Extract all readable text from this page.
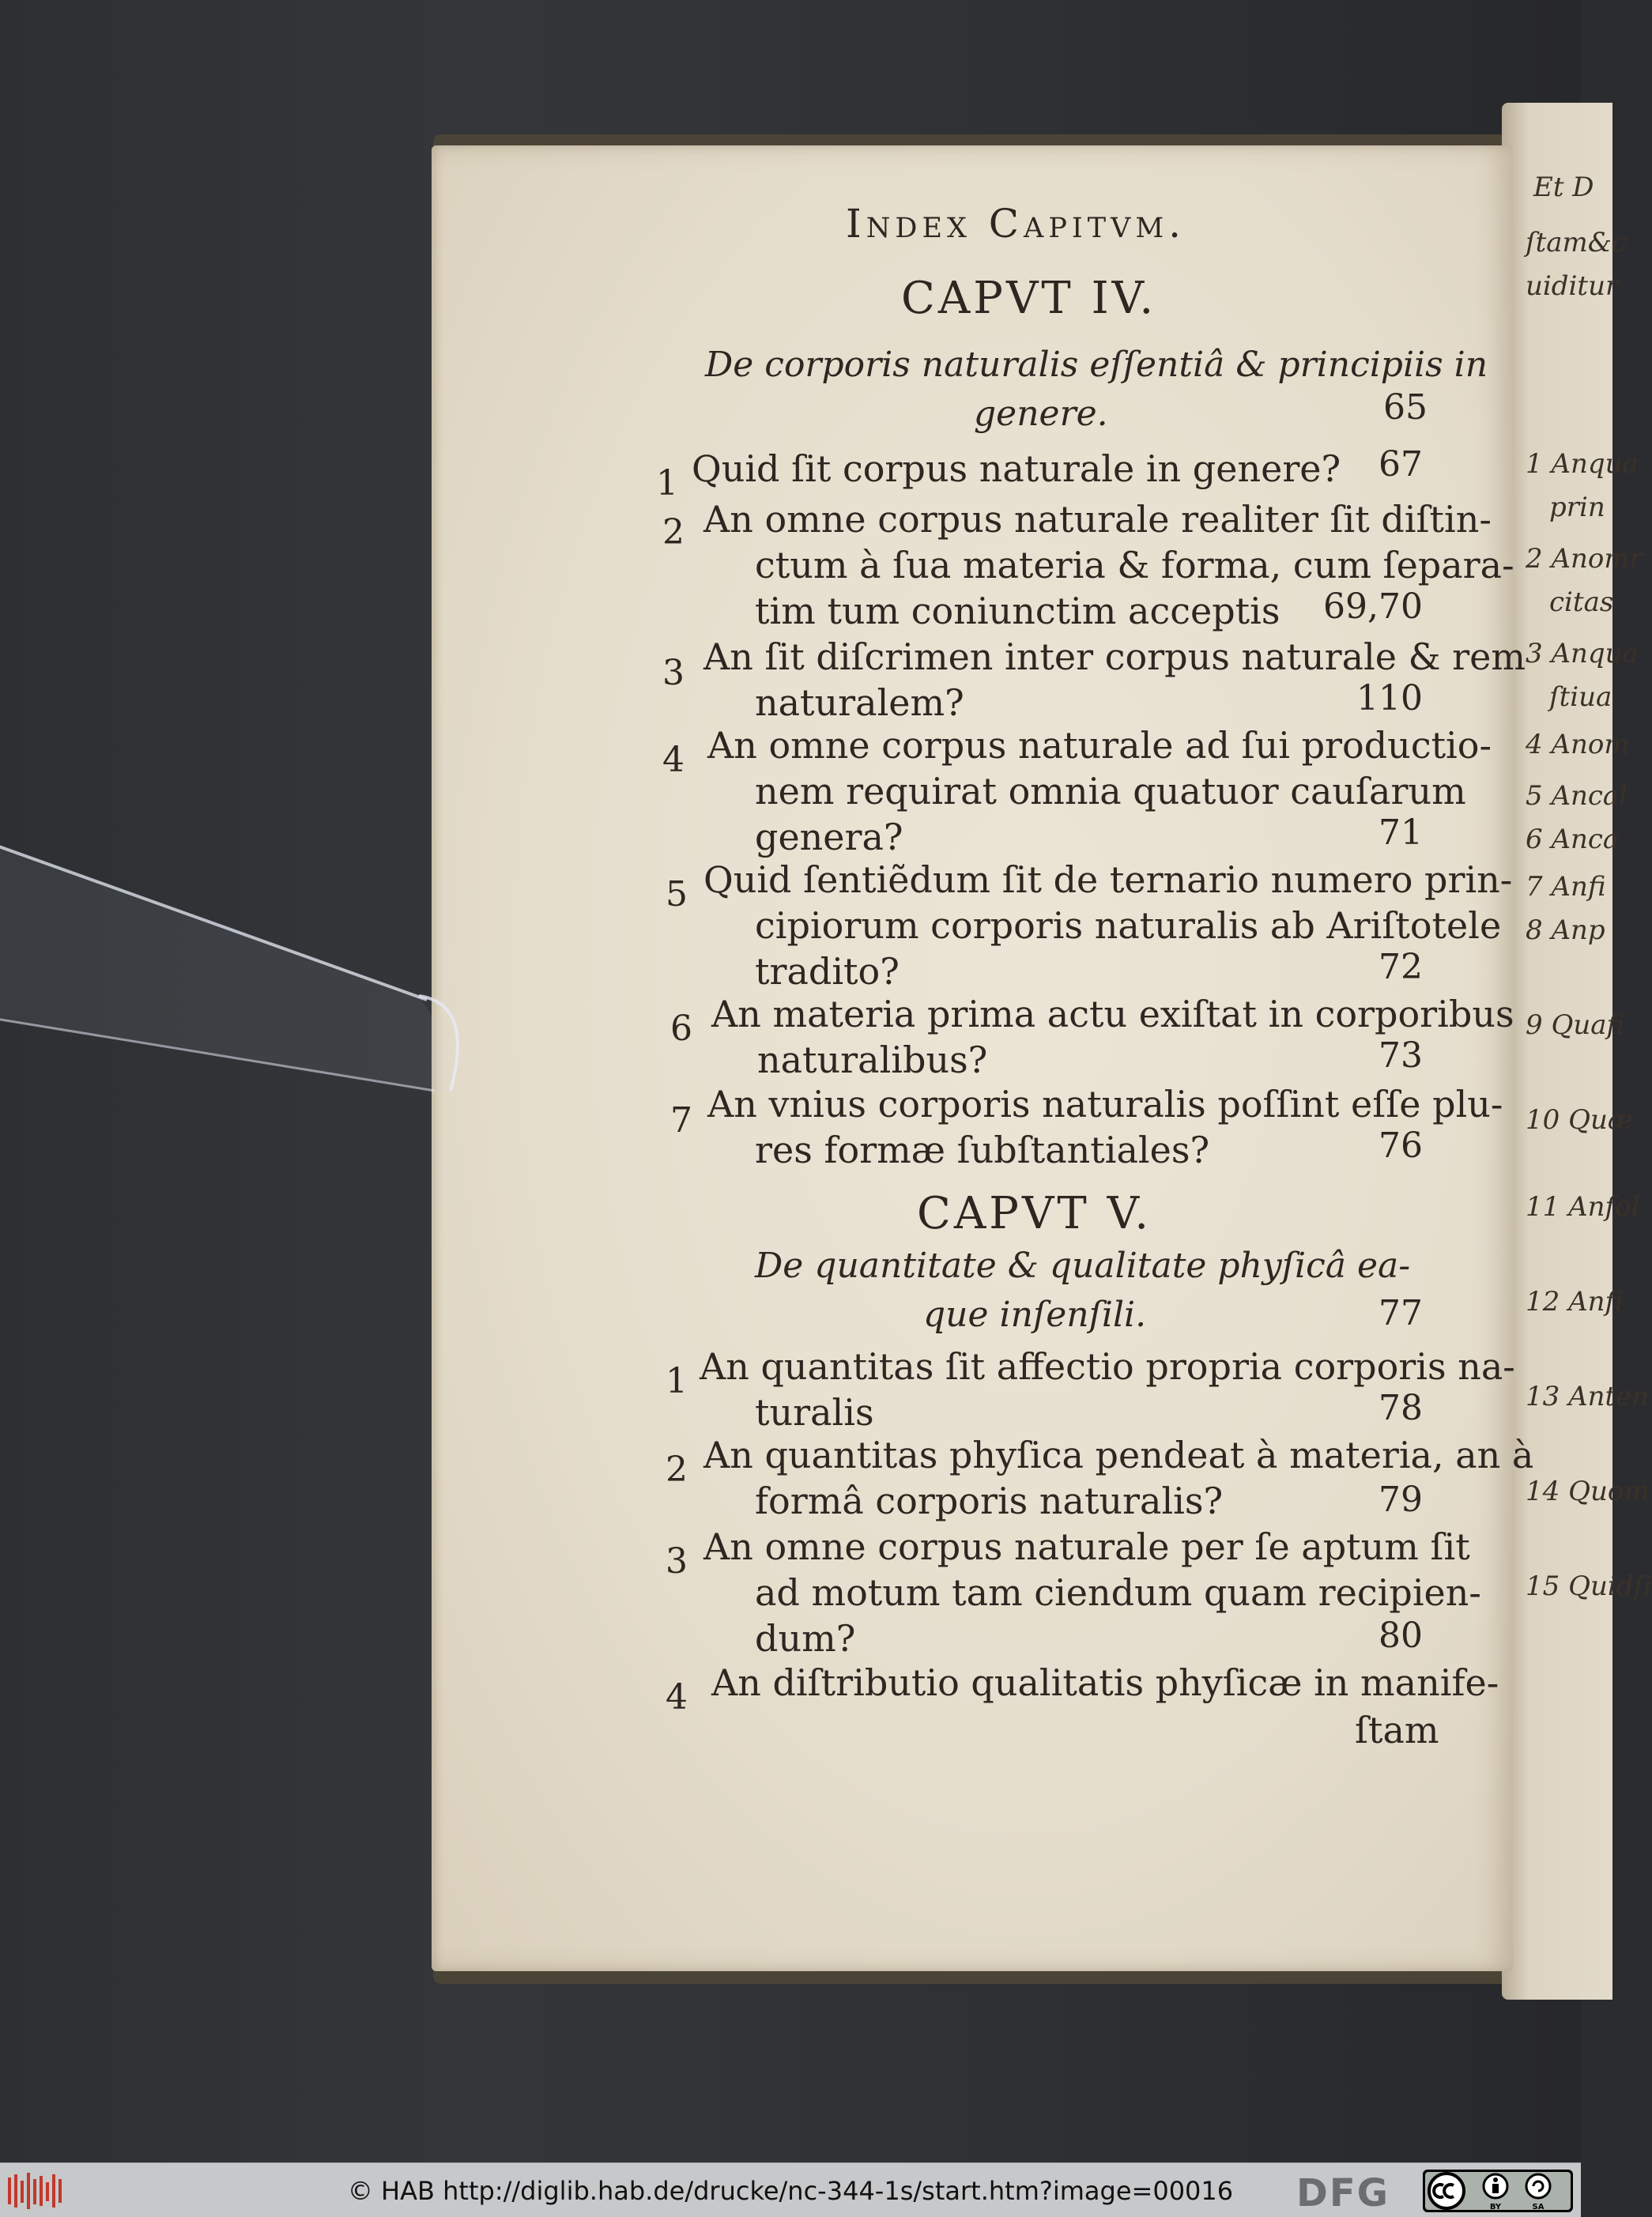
Et D
ſtam&c
uiditur
1 Anqua
prin
2 Anomr
citas
3 Anqua
ſtiua
4 Anom
5 Ancal
6 Anca
7 Anfi
8 Anp
9 Quafi
10 Quæ
11 Anfol
12 Anfi
13 Anten
14 Quom
15 Quidſi
Index Capitvm.
CAPVT IV.
De corporis naturalis eſſentiâ & principiis in
genere.	65
1 Quid ſit corpus naturale in genere?	67
2 An omne corpus naturale realiter ſit diſtin-
ctum à ſua materia & forma, cum ſepara-
tim tum coniunctim acceptis	69,70
3 An ſit diſcrimen inter corpus naturale & rem
naturalem?	110
4 An omne corpus naturale ad ſui productio-
nem requirat omnia quatuor cauſarum
genera?	71
5 Quid ſentiẽdum ſit de ternario numero prin-
cipiorum corporis naturalis ab Ariſtotele
tradito?	72
6 An materia prima actu exiſtat in corporibus
naturalibus?	73
7 An vnius corporis naturalis poſſint eſſe plu-
res formæ ſubſtantiales?	76
CAPVT V.
De quantitate & qualitate phyſicâ ea-
que inſenſili.	77
1 An quantitas ſit affectio propria corporis na-
turalis	78
2 An quantitas phyſica pendeat à materia, an à
formâ corporis naturalis?	79
3 An omne corpus naturale per ſe aptum ſit
ad motum tam ciendum quam recipien-
dum?	80
4 An diſtributio qualitatis phyſicæ in manife-
ſtam
© HAB http://diglib.hab.de/drucke/nc-344-1s/start.htm?image=00016	DFG	BY	SA
